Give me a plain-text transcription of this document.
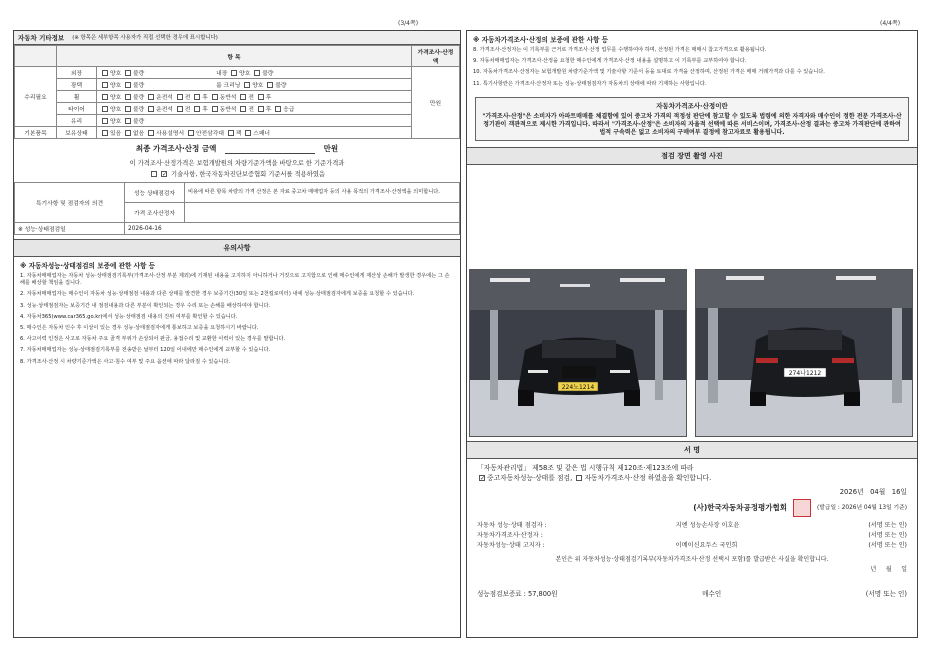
(3/4쪽)	(4/4쪽)
자동차 기타정보 (※ 항목은 세부항목 사용자가 직접 선택한 경우에 표시합니다)
	항 목		가격조사·산정액
수리필요	외장	양호 불량 내장 양호 불량	만원
	광택	양호 불량 룸 크리닝 양호 불량	
	휠	양호 불량 운전석 전 후 동반석 전 후	
	타이어	양호 불량 운전석 전 후 동반석 전 후 응급	
	유리	양호 불량	
기본품목	보유상태	있음 없음 사용설명서 안전삼각대 잭 스패너	
최종 가격조사·산정 금액	만원
이 가격조사·산정가격은 보험개발원의 차량기준가액을 바탕으로 한 기준가격과
✓ 기술사항, 한국자동차진단보증협회 기준서를 적용하였음
특기사항 및 점검자의 의견	성능 상태점검자	비용에 따른 항목 차량의 가격 산정은 본 자료 중고차 매매업자 등의 사용 목적의 가격조사·산정액을 의미합니다.
	가격 조사산정자	
※ 성능·상태점검일	2026-04-16	
유의사항
※ 자동차성능·상태점검의 보증에 관한 사항 등
1. 자동차매매업자는 자동차 성능·상태점검기록부(가격조사·산정 부분 제외)에 기재된 내용을 고지하지 아니하거나 거짓으로 고지함으로 인해 매수인에게 재산상 손해가 발생한 경우에는 그 손해를 배상할 책임을 집니다.
2. 자동차매매업자는 매수인이 자동차 성능·상태점검 내용과 다른 상태를 발견한 경우 보증기간(30일 또는 2천킬로미터) 내에 성능·상태점검자에게 보증을 요청할 수 있습니다.
3. 성능·상태점검자는 보증기간 내 점검내용과 다른 부분이 확인되는 경우 수리 또는 손해를 배상하여야 합니다.
4. 자동차365(www.car365.go.kr)에서 성능·상태점검 내용의 진위 여부를 확인할 수 있습니다.
5. 매수인은 자동차 인수 후 이상이 있는 경우 성능·상태점검자에게 통보하고 보증을 요청하시기 바랍니다.
6. 사고이력 인정은 사고로 자동차 주요 골격 부위가 손상되어 판금, 용접수리 및 교환한 이력이 있는 경우를 말합니다.
7. 자동차매매업자는 성능·상태점검기록부를 전송받은 날부터 120일 이내에만 매수인에게 교부할 수 있습니다.
8. 가격조사·산정 시 차량기준가액은 사고·침수 여부 및 주요 옵션에 따라 달라질 수 있습니다.
※ 자동차가격조사·산정의 보증에 관한 사항 등
8. 가격조사·산정자는 이 기록부를 근거로 가격조사·산정 업무를 수행하여야 하며, 산정된 가격은 매매시 참고가격으로 활용됩니다.
9. 자동차매매업자는 가격조사·산정을 요청한 매수인에게 가격조사·산정 내용을 설명하고 이 기록부를 교부하여야 합니다.
10. 자동차가격조사·산정자는 보험개발원 차량기준가액 및 기술사항 기준서 등을 토대로 가격을 산정하며, 산정된 가격은 매매 거래가격과 다를 수 있습니다.
11. 특기사항란은 가격조사·산정자 또는 성능·상태점검자가 자동차의 상태에 따라 기재하는 사항입니다.
자동차가격조사·산정이란
"가격조사·산정"은 소비자가 아파트매매를 체결함에 있어 중고차 가격의 적정성 판단에 참고할 수 있도록 법령에 의한 자격자와 매수인이 정한 전문 가격조사·산정기관이 객관적으로 제시한 가격입니다. 따라서 "가격조사·산정"은 소비자의 자율적 선택에 따른 서비스이며, 가격조사·산정 결과는 중고차 가격판단에 관하여 법적 구속력은 없고 소비자의 구매여부 결정에 참고자료로 활용됩니다.
점검 장면 촬영 사진
224노1214
274나1212
서 명
「자동차관리법」 제58조 및 같은 법 시행규칙 제120조·제123조에 따라
✓중고자동차성능·상태를 점검, 자동차가격조사·산정 하였음을 확인합니다.
2026년 04월 16일
(사)한국자동차공정평가협회	(발급일 : 2026년 04월 13일 기준)
자동차 성능·상태 점검자 :	지엔 성능손사장 이호윤	(서명 또는 인)
자동차가격조사·산정자 :	(서명 또는 인)
자동차성능·상태 고지자 :	이메이신요두스 국인희	(서명 또는 인)
본인은 위 자동차성능·상태점검기록부(자동차가격조사·산정 선택시 포함)를 발급받은 사실을 확인합니다.
년 월 일
성능점검보증료 : 57,800원	매수인	(서명 또는 인)
